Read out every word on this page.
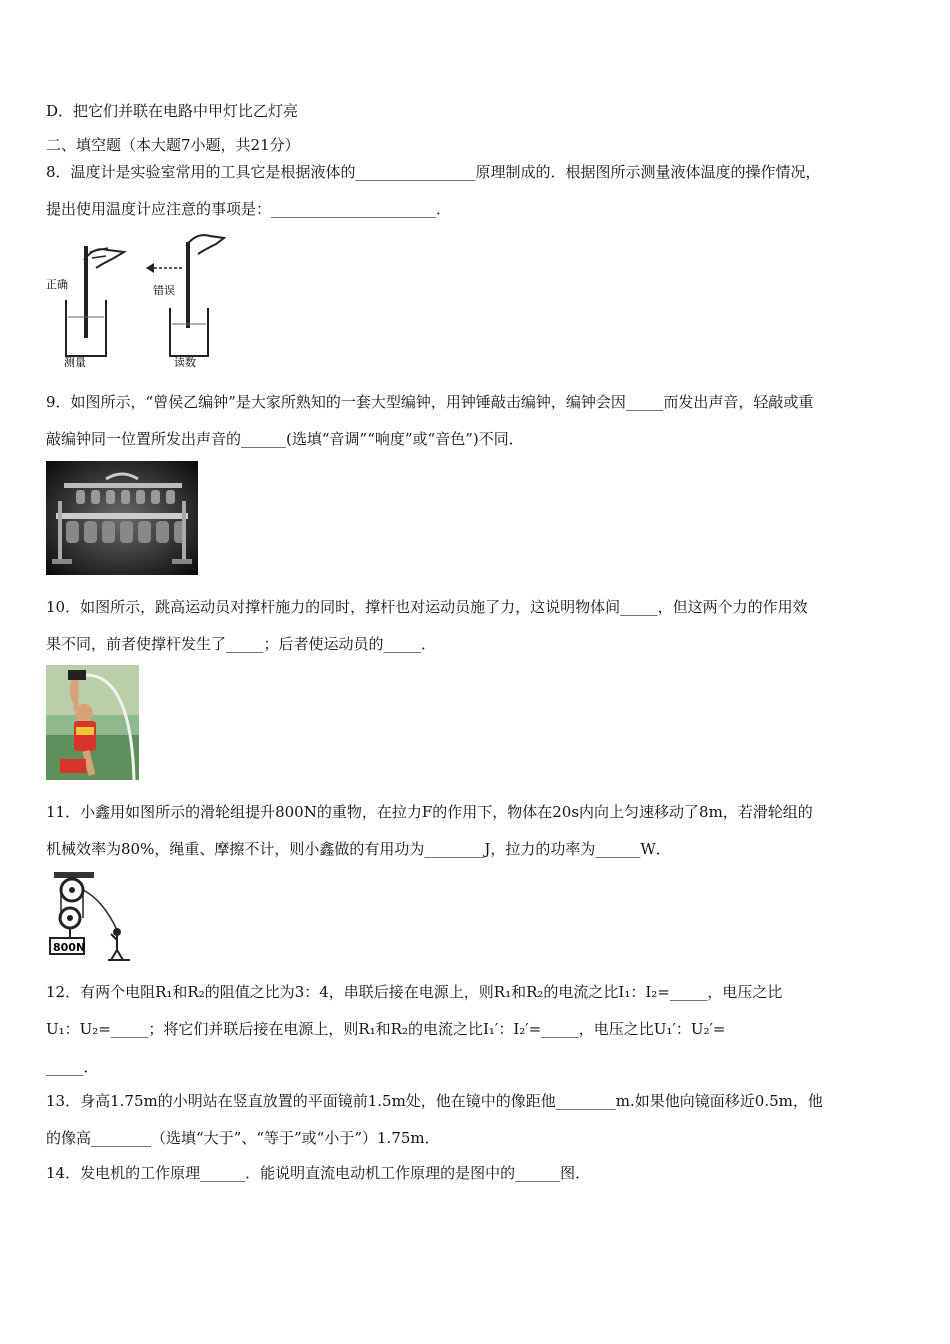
D．把它们并联在电路中甲灯比乙灯亮
二、填空题（本大题7小题，共21分）
8．温度计是实验室常用的工具它是根据液体的________________原理制成的．根据图所示测量液体温度的操作情况，
提出使用温度计应注意的事项是：______________________．
正确
测量
错误
读数
9．如图所示，“曾侯乙编钟”是大家所熟知的一套大型编钟，用钟锤敲击编钟，编钟会因_____而发出声音，轻敲或重
敲编钟同一位置所发出声音的______(选填“音调”“响度”或“音色”)不同．
10．如图所示，跳高运动员对撑杆施力的同时，撑杆也对运动员施了力，这说明物体间_____，但这两个力的作用效
果不同，前者使撑杆发生了_____；后者使运动员的_____．
11．小鑫用如图所示的滑轮组提升800N的重物，在拉力F的作用下，物体在20s内向上匀速移动了8m，若滑轮组的
机械效率为80%，绳重、摩擦不计，则小鑫做的有用功为________J，拉力的功率为______W．
800N
12．有两个电阻R₁和R₂的阻值之比为3：4，串联后接在电源上，则R₁和R₂的电流之比I₁：I₂=_____，电压之比
U₁：U₂=_____；将它们并联后接在电源上，则R₁和R₂的电流之比I₁′：I₂′=_____，电压之比U₁′：U₂′=
_____．
13．身高1.75m的小明站在竖直放置的平面镜前1.5m处，他在镜中的像距他________m.如果他向镜面移近0.5m，他
的像高________（选填“大于”、“等于”或“小于”）1.75m．
14．发电机的工作原理______．能说明直流电动机工作原理的是图中的______图．
